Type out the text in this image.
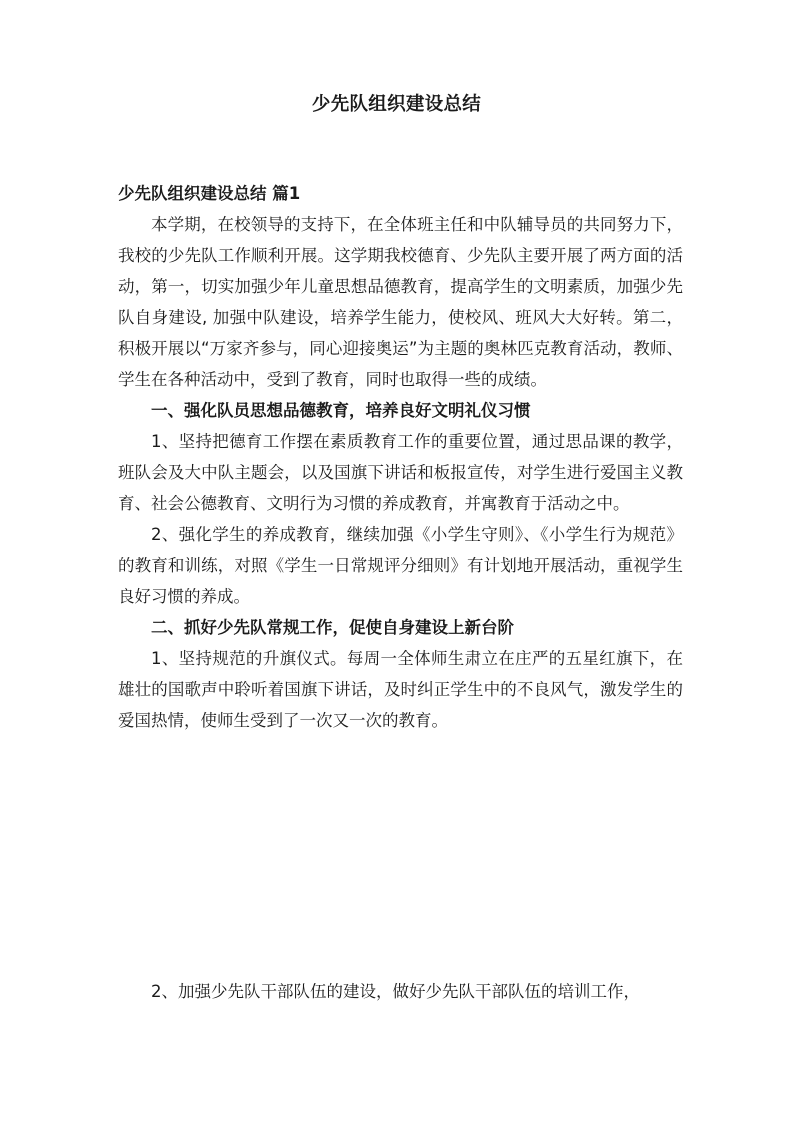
少先队组织建设总结

少先队组织建设总结 篇1

本学期，在校领导的支持下，在全体班主任和中队辅导员的共同努力下，我校的少先队工作顺利开展。这学期我校德育、少先队主要开展了两方面的活动，第一，切实加强少年儿童思想品德教育，提高学生的文明素质，加强少先队自身建设, 加强中队建设，培养学生能力，使校风、班风大大好转。第二，积极开展以“万家齐参与，同心迎接奥运”为主题的奥林匹克教育活动，教师、学生在各种活动中，受到了教育，同时也取得一些的成绩。

一、强化队员思想品德教育，培养良好文明礼仪习惯

1、坚持把德育工作摆在素质教育工作的重要位置，通过思品课的教学，班队会及大中队主题会，以及国旗下讲话和板报宣传，对学生进行爱国主义教育、社会公德教育、文明行为习惯的养成教育，并寓教育于活动之中。

2、强化学生的养成教育，继续加强《小学生守则》、《小学生行为规范》的教育和训练，对照《学生一日常规评分细则》有计划地开展活动，重视学生良好习惯的养成。

二、抓好少先队常规工作，促使自身建设上新台阶

1、坚持规范的升旗仪式。每周一全体师生肃立在庄严的五星红旗下，在雄壮的国歌声中聆听着国旗下讲话，及时纠正学生中的不良风气，激发学生的爱国热情，使师生受到了一次又一次的教育。

2、加强少先队干部队伍的建设，做好少先队干部队伍的培训工作，
